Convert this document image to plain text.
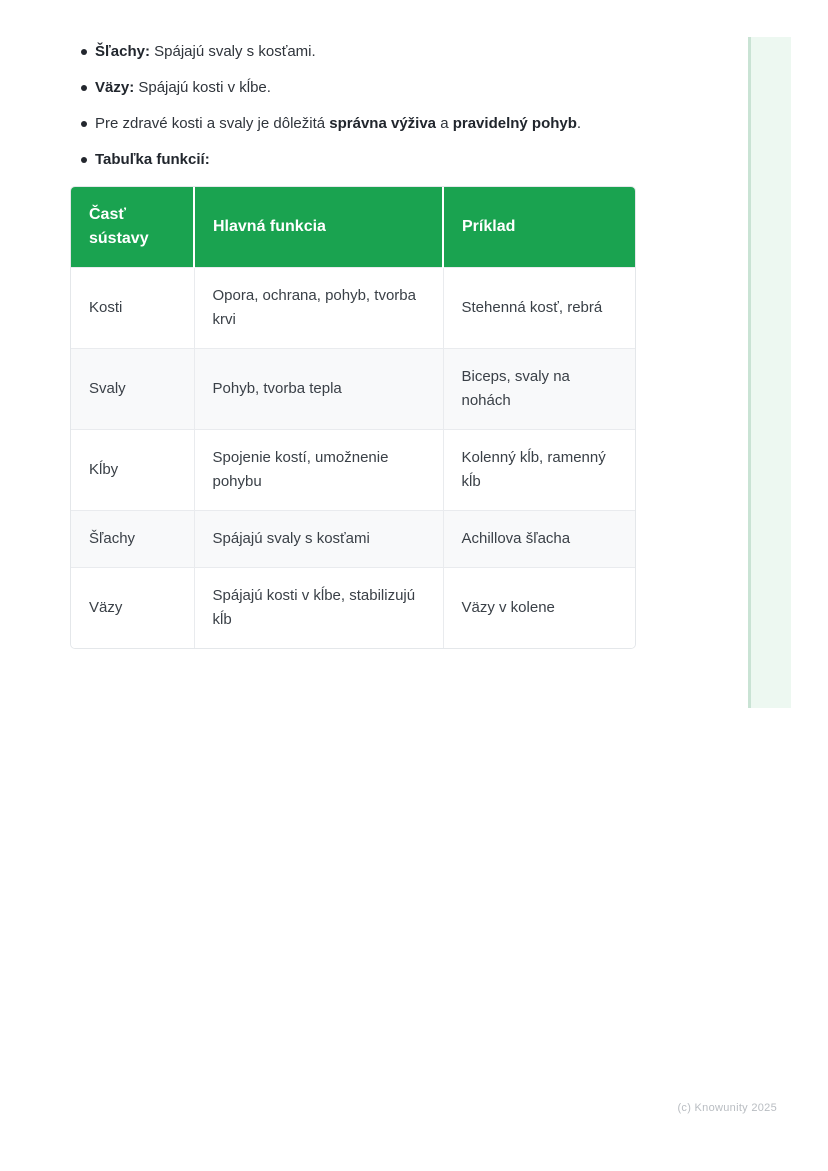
Šľachy: Spájajú svaly s kosťami.
Väzy: Spájajú kosti v kĺbe.
Pre zdravé kosti a svaly je dôležitá správna výživa a pravidelný pohyb.
Tabuľka funkcií:
Časť sústavy	Hlavná funkcia	Príklad
Kosti	Opora, ochrana, pohyb, tvorba krvi	Stehenná kosť, rebrá
Svaly	Pohyb, tvorba tepla	Biceps, svaly na nohách
Kĺby	Spojenie kostí, umožnenie pohybu	Kolenný kĺb, ramenný kĺb
Šľachy	Spájajú svaly s kosťami	Achillova šľacha
Väzy	Spájajú kosti v kĺbe, stabilizujú kĺb	Väzy v kolene
(c) Knowunity 2025
